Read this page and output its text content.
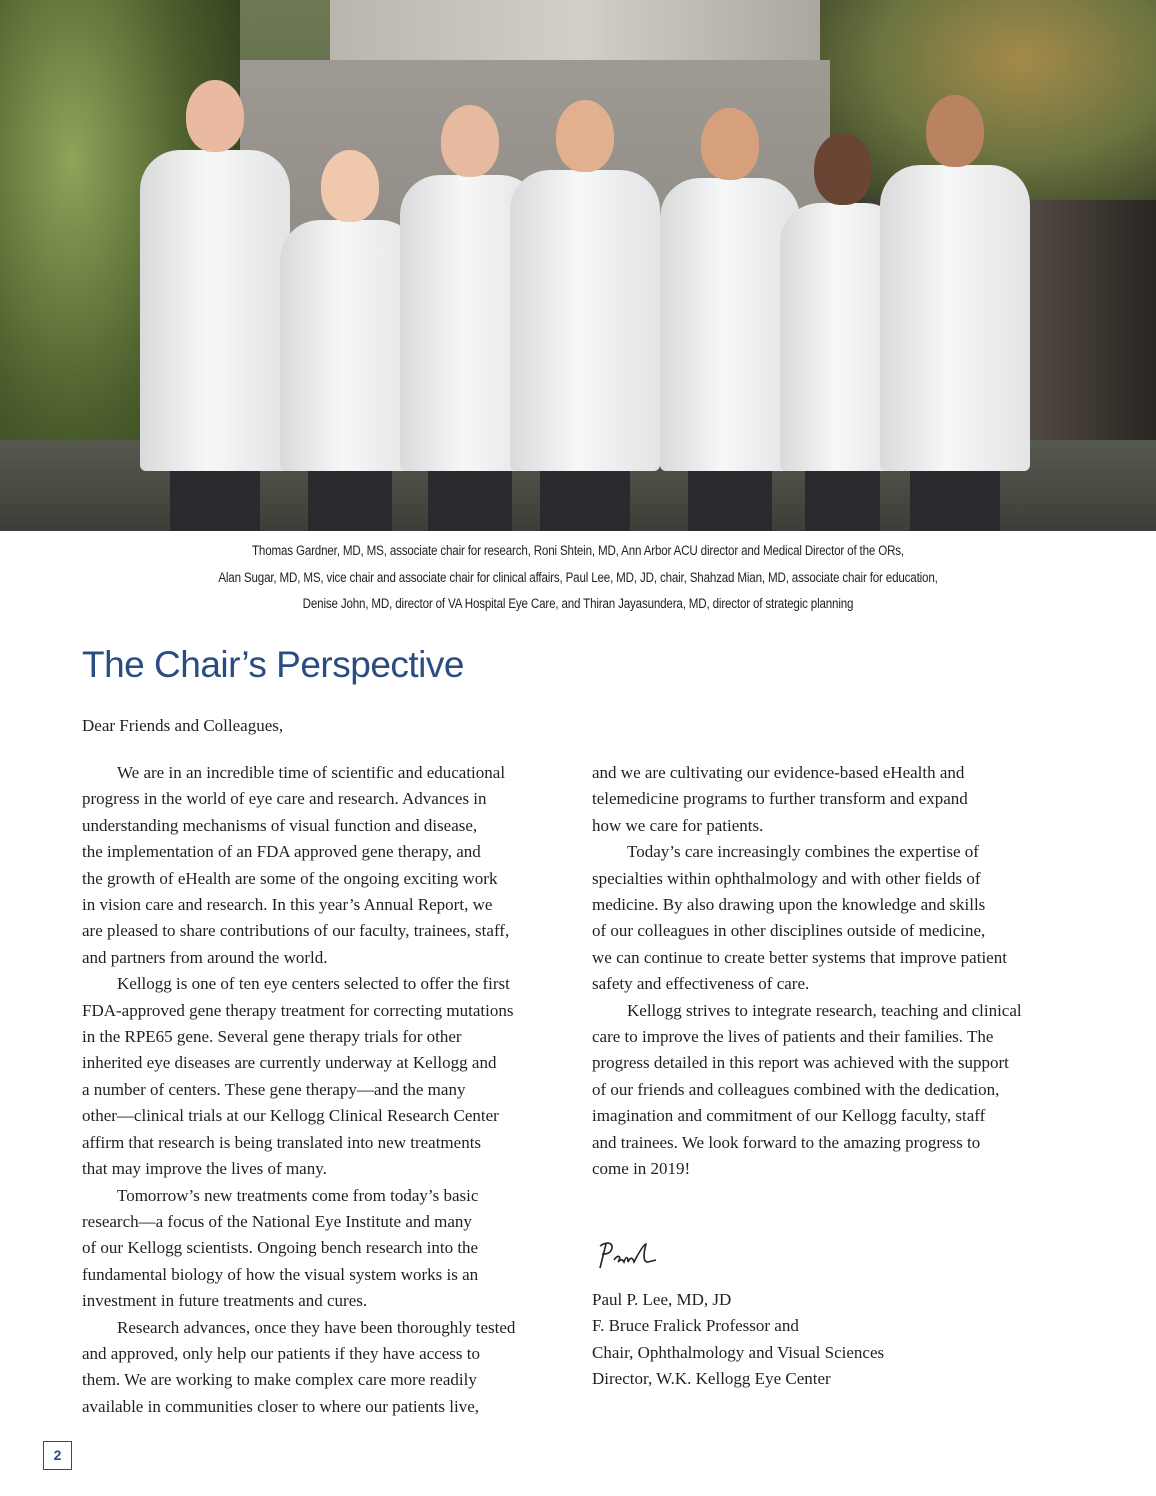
Thomas Gardner, MD, MS, associate chair for research, Roni Shtein, MD, Ann Arbor ACU director and Medical Director of the ORs,
Alan Sugar, MD, MS, vice chair and associate chair for clinical affairs, Paul Lee, MD, JD, chair, Shahzad Mian, MD, associate chair for education,
Denise John, MD, director of VA Hospital Eye Care, and Thiran Jayasundera, MD, director of strategic planning
The Chair’s Perspective
Dear Friends and Colleagues,
We are in an incredible time of scientific and educational
progress in the world of eye care and research. Advances in
understanding mechanisms of visual function and disease,
the implementation of an FDA approved gene therapy, and
the growth of eHealth are some of the ongoing exciting work
in vision care and research. In this year’s Annual Report, we
are pleased to share contributions of our faculty, trainees, staff,
and partners from around the world.
Kellogg is one of ten eye centers selected to offer the first
FDA-approved gene therapy treatment for correcting mutations
in the RPE65 gene. Several gene therapy trials for other
inherited eye diseases are currently underway at Kellogg and
a number of centers. These gene therapy—and the many
other—clinical trials at our Kellogg Clinical Research Center
affirm that research is being translated into new treatments
that may improve the lives of many.
Tomorrow’s new treatments come from today’s basic
research—a focus of the National Eye Institute and many
of our Kellogg scientists. Ongoing bench research into the
fundamental biology of how the visual system works is an
investment in future treatments and cures.
Research advances, once they have been thoroughly tested
and approved, only help our patients if they have access to
them. We are working to make complex care more readily
available in communities closer to where our patients live,
and we are cultivating our evidence-based eHealth and
telemedicine programs to further transform and expand
how we care for patients.
Today’s care increasingly combines the expertise of
specialties within ophthalmology and with other fields of
medicine. By also drawing upon the knowledge and skills
of our colleagues in other disciplines outside of medicine,
we can continue to create better systems that improve patient
safety and effectiveness of care.
Kellogg strives to integrate research, teaching and clinical
care to improve the lives of patients and their families. The
progress detailed in this report was achieved with the support
of our friends and colleagues combined with the dedication,
imagination and commitment of our Kellogg faculty, staff
and trainees. We look forward to the amazing progress to
come in 2019!
Paul P. Lee, MD, JD
F. Bruce Fralick Professor and
Chair, Ophthalmology and Visual Sciences
Director, W.K. Kellogg Eye Center
2
